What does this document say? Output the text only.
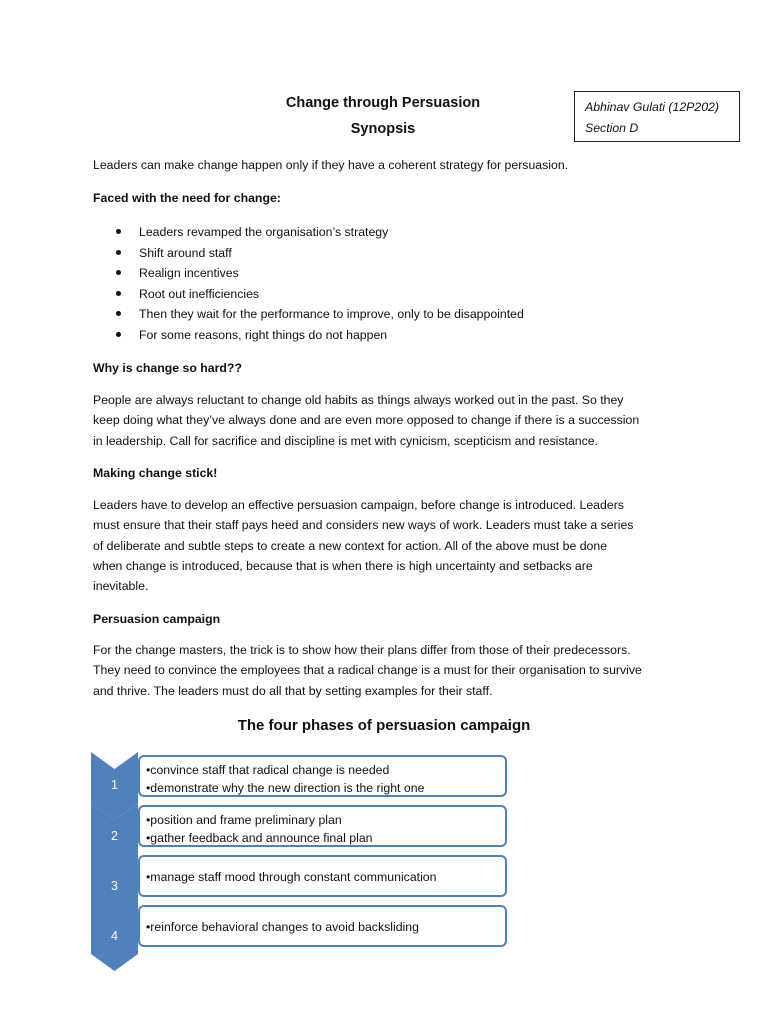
Change through Persuasion
Synopsis
Abhinav Gulati (12P202)
Section D
Leaders can make change happen only if they have a coherent strategy for persuasion.
Faced with the need for change:
Leaders revamped the organisation’s strategy
Shift around staff
Realign incentives
Root out inefficiencies
Then they wait for the performance to improve, only to be disappointed
For some reasons, right things do not happen
Why is change so hard??
People are always reluctant to change old habits as things always worked out in the past. So they
keep doing what they’ve always done and are even more opposed to change if there is a succession
in leadership. Call for sacrifice and discipline is met with cynicism, scepticism and resistance.
Making change stick!
Leaders have to develop an effective persuasion campaign, before change is introduced. Leaders
must ensure that their staff pays heed and considers new ways of work. Leaders must take a series
of deliberate and subtle steps to create a new context for action. All of the above must be done
when change is introduced, because that is when there is high uncertainty and setbacks are
inevitable.
Persuasion campaign
For the change masters, the trick is to show how their plans differ from those of their predecessors.
They need to convince the employees that a radical change is a must for their organisation to survive
and thrive. The leaders must do all that by setting examples for their staff.
The four phases of persuasion campaign
1
•convince staff that radical change is needed
•demonstrate why the new direction is the right one
2
•position and frame preliminary plan
•gather feedback and announce final plan
3
•manage staff mood through constant communication
4
•reinforce behavioral changes to avoid backsliding
